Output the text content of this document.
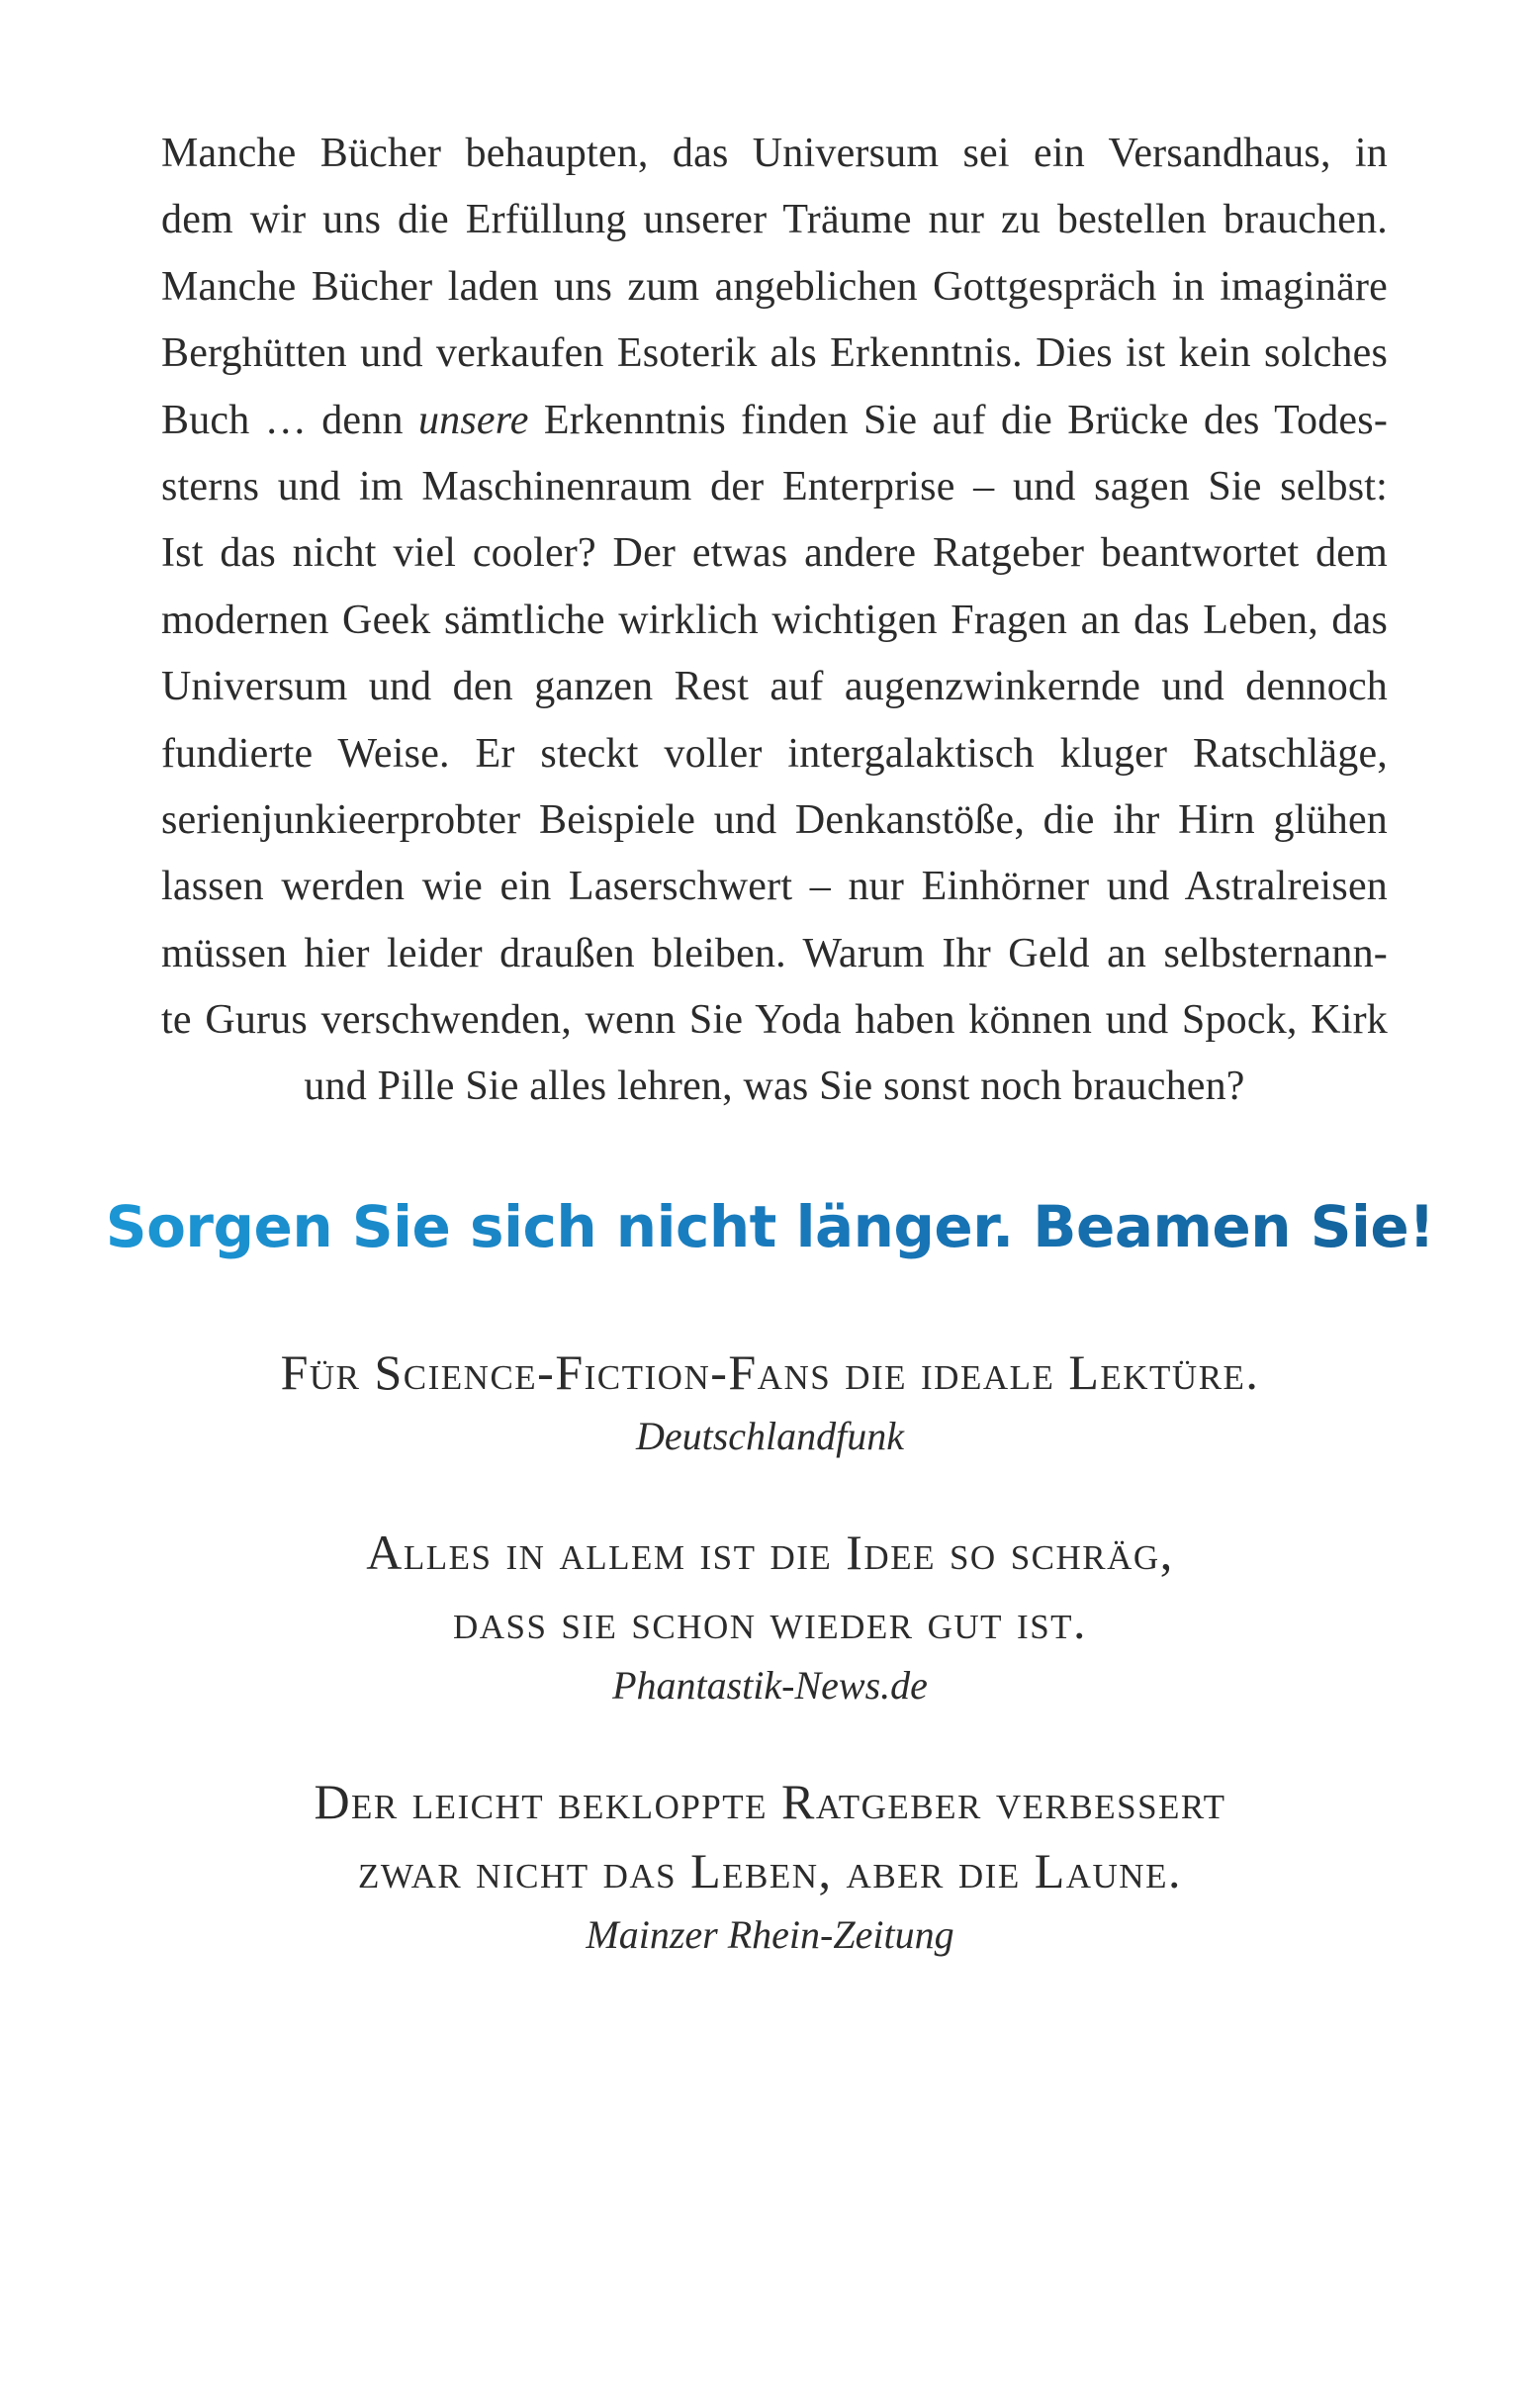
Manche Bücher behaupten, das Universum sei ein Versandhaus, in
dem wir uns die Erfüllung unserer Träume nur zu bestellen brauchen.
Manche Bücher laden uns zum angeblichen Gottgespräch in imaginäre
Berghütten und verkaufen Esoterik als Erkenntnis. Dies ist kein solches
Buch … denn unsere Erkenntnis finden Sie auf die Brücke des Todes-
sterns und im Maschinenraum der Enterprise – und sagen Sie selbst:
Ist das nicht viel cooler? Der etwas andere Ratgeber beantwortet dem
modernen Geek sämtliche wirklich wichtigen Fragen an das Leben, das
Universum und den ganzen Rest auf augenzwinkernde und dennoch
fundierte Weise. Er steckt voller intergalaktisch kluger Ratschläge,
serienjunkieerprobter Beispiele und Denkanstöße, die ihr Hirn glühen
lassen werden wie ein Laserschwert – nur Einhörner und Astralreisen
müssen hier leider draußen bleiben. Warum Ihr Geld an selbsternann-
te Gurus verschwenden, wenn Sie Yoda haben können und Spock, Kirk
und Pille Sie alles lehren, was Sie sonst noch brauchen?
Sorgen Sie sich nicht länger. Beamen Sie!
Für Science-Fiction-Fans die ideale Lektüre.
Deutschlandfunk
Alles in allem ist die Idee so schräg,
dass sie schon wieder gut ist.
Phantastik-News.de
Der leicht bekloppte Ratgeber verbessert
zwar nicht das Leben, aber die Laune.
Mainzer Rhein-Zeitung
